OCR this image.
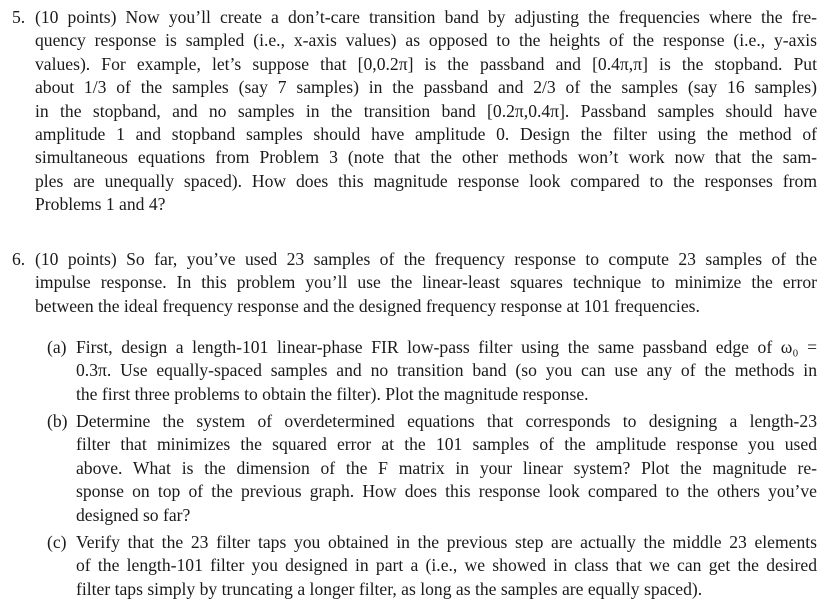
5. (10 points) Now you’ll create a don’t-care transition band by adjusting the frequencies where the fre-
quency response is sampled (i.e., x-axis values) as opposed to the heights of the response (i.e., y-axis
values). For example, let’s suppose that [0,0.2π] is the passband and [0.4π,π] is the stopband. Put
about 1/3 of the samples (say 7 samples) in the passband and 2/3 of the samples (say 16 samples)
in the stopband, and no samples in the transition band [0.2π,0.4π]. Passband samples should have
amplitude 1 and stopband samples should have amplitude 0. Design the filter using the method of
simultaneous equations from Problem 3 (note that the other methods won’t work now that the sam-
ples are unequally spaced). How does this magnitude response look compared to the responses from
Problems 1 and 4?
6. (10 points) So far, you’ve used 23 samples of the frequency response to compute 23 samples of the
impulse response. In this problem you’ll use the linear-least squares technique to minimize the error
between the ideal frequency response and the designed frequency response at 101 frequencies.
(a) First, design a length-101 linear-phase FIR low-pass filter using the same passband edge of ω₀ =
0.3π. Use equally-spaced samples and no transition band (so you can use any of the methods in
the first three problems to obtain the filter). Plot the magnitude response.
(b) Determine the system of overdetermined equations that corresponds to designing a length-23
filter that minimizes the squared error at the 101 samples of the amplitude response you used
above. What is the dimension of the F matrix in your linear system? Plot the magnitude re-
sponse on top of the previous graph. How does this response look compared to the others you’ve
designed so far?
(c) Verify that the 23 filter taps you obtained in the previous step are actually the middle 23 elements
of the length-101 filter you designed in part a (i.e., we showed in class that we can get the desired
filter taps simply by truncating a longer filter, as long as the samples are equally spaced).
